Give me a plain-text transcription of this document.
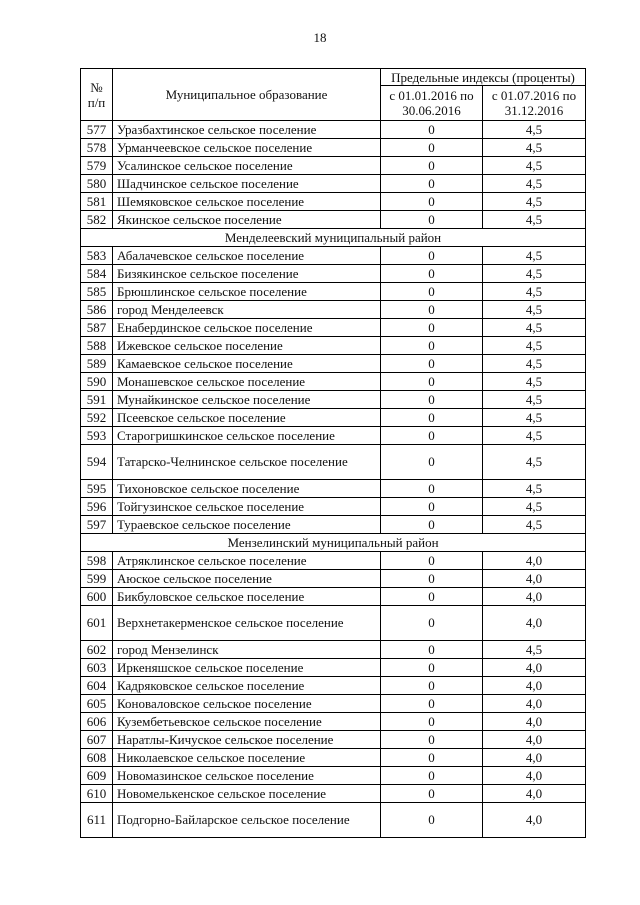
18
№ п/п	Муниципальное образование	Предельные индексы (проценты)	
		с 01.01.2016 по 30.06.2016	с 01.07.2016 по 31.12.2016
577	Уразбахтинское сельское поселение	0	4,5
578	Урманчеевское сельское поселение	0	4,5
579	Усалинское сельское поселение	0	4,5
580	Шадчинское сельское поселение	0	4,5
581	Шемяковское сельское поселение	0	4,5
582	Якинское сельское поселение	0	4,5
Менделеевский муниципальный район			
583	Абалачевское сельское поселение	0	4,5
584	Бизякинское сельское поселение	0	4,5
585	Брюшлинское сельское поселение	0	4,5
586	город Менделеевск	0	4,5
587	Енабердинское сельское поселение	0	4,5
588	Ижевское сельское поселение	0	4,5
589	Камаевское сельское поселение	0	4,5
590	Монашевское сельское поселение	0	4,5
591	Мунайкинское сельское поселение	0	4,5
592	Псеевское сельское поселение	0	4,5
593	Старогришкинское сельское поселение	0	4,5
594	Татарско-Челнинское сельское поселение	0	4,5
595	Тихоновское сельское поселение	0	4,5
596	Тойгузинское сельское поселение	0	4,5
597	Тураевское сельское поселение	0	4,5
Мензелинский муниципальный район			
598	Атряклинское сельское поселение	0	4,0
599	Аюское сельское поселение	0	4,0
600	Бикбуловское сельское поселение	0	4,0
601	Верхнетакерменское сельское поселение	0	4,0
602	город Мензелинск	0	4,5
603	Иркеняшское сельское поселение	0	4,0
604	Кадряковское сельское поселение	0	4,0
605	Коноваловское сельское поселение	0	4,0
606	Кузембетьевское сельское поселение	0	4,0
607	Наратлы-Кичуское сельское поселение	0	4,0
608	Николаевское сельское поселение	0	4,0
609	Новомазинское сельское поселение	0	4,0
610	Новомелькенское сельское поселение	0	4,0
611	Подгорно-Байларское сельское поселение	0	4,0
